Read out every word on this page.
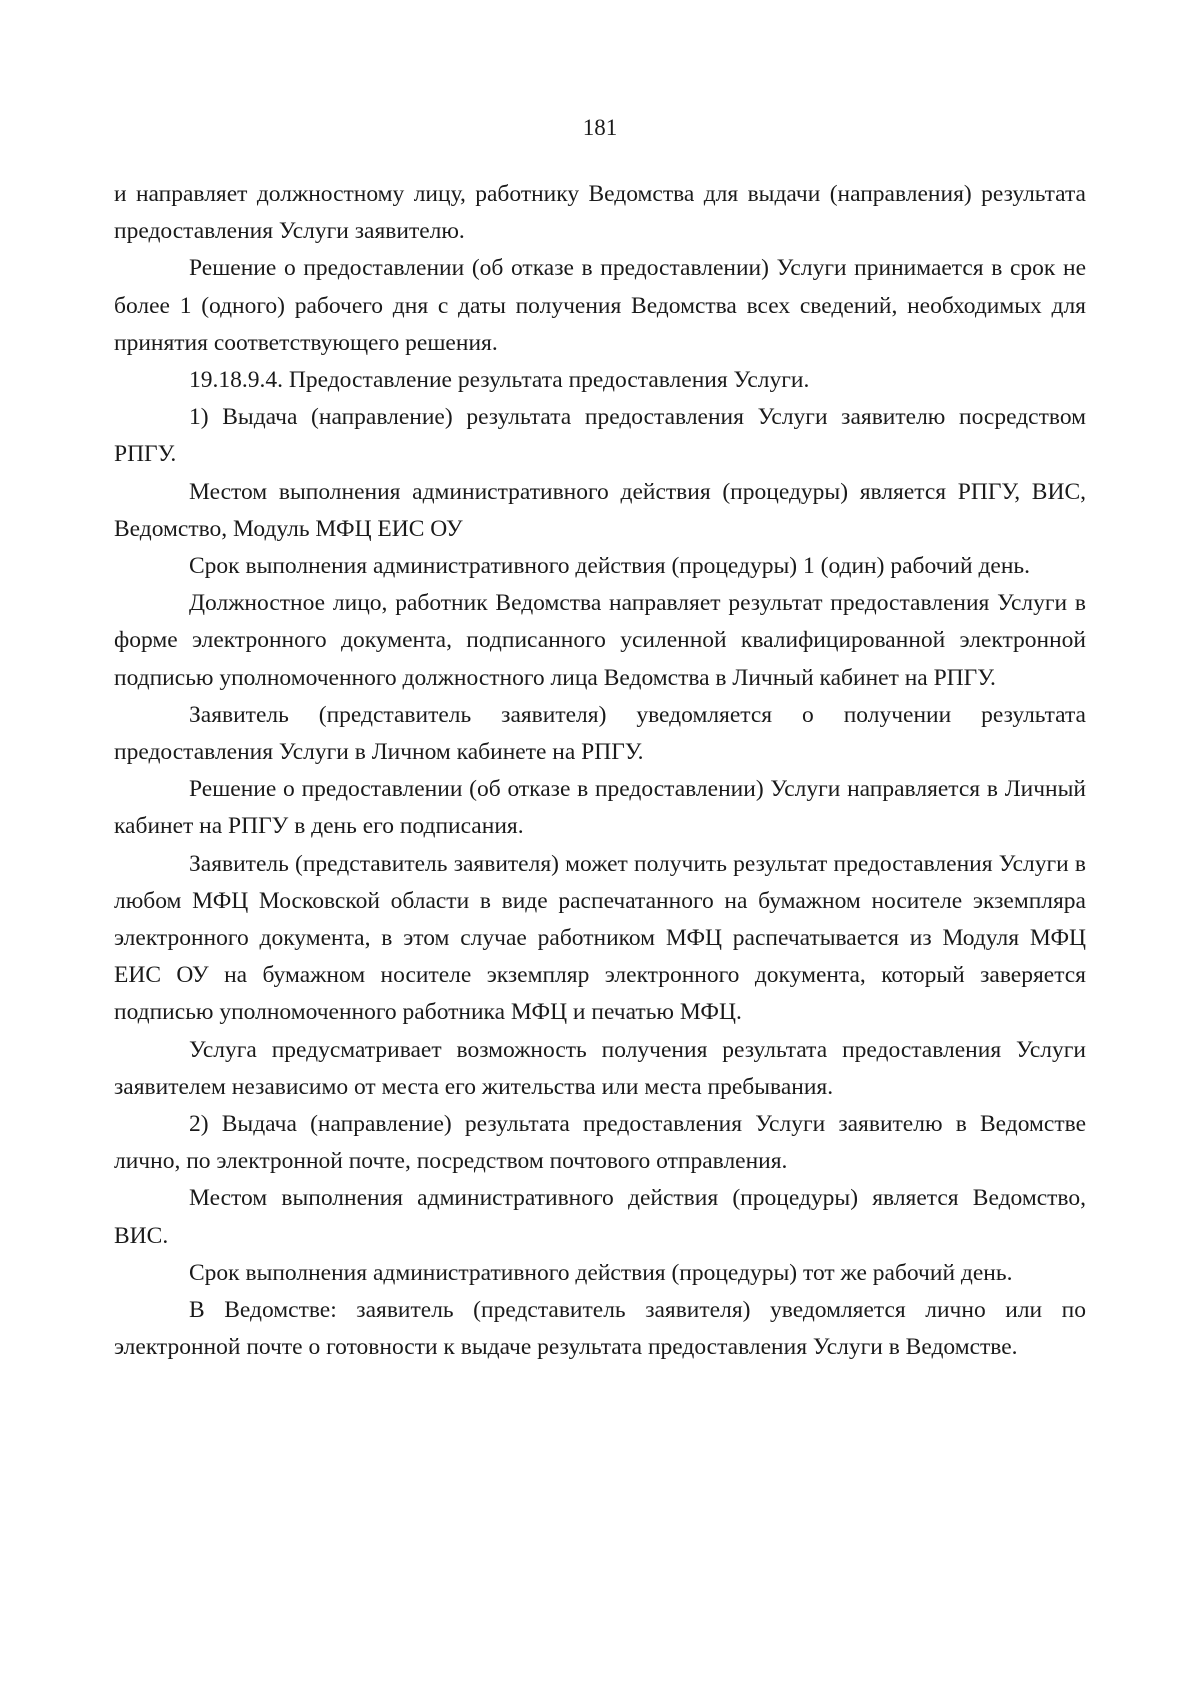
181

и направляет должностному лицу, работнику Ведомства для выдачи (направления) результата предоставления Услуги заявителю.

Решение о предоставлении (об отказе в предоставлении) Услуги принимается в срок не более 1 (одного) рабочего дня с даты получения Ведомства всех сведений, необходимых для принятия соответствующего решения.

19.18.9.4. Предоставление результата предоставления Услуги.

1) Выдача (направление) результата предоставления Услуги заявителю посредством РПГУ.

Местом выполнения административного действия (процедуры) является РПГУ, ВИС, Ведомство, Модуль МФЦ ЕИС ОУ

Срок выполнения административного действия (процедуры) 1 (один) рабочий день.

Должностное лицо, работник Ведомства направляет результат предоставления Услуги в форме электронного документа, подписанного усиленной квалифицированной электронной подписью уполномоченного должностного лица Ведомства в Личный кабинет на РПГУ.

Заявитель (представитель заявителя) уведомляется о получении результата предоставления Услуги в Личном кабинете на РПГУ.

Решение о предоставлении (об отказе в предоставлении) Услуги направляется в Личный кабинет на РПГУ в день его подписания.

Заявитель (представитель заявителя) может получить результат предоставления Услуги в любом МФЦ Московской области в виде распечатанного на бумажном носителе экземпляра электронного документа, в этом случае работником МФЦ распечатывается из Модуля МФЦ ЕИС ОУ на бумажном носителе экземпляр электронного документа, который заверяется подписью уполномоченного работника МФЦ и печатью МФЦ.

Услуга предусматривает возможность получения результата предоставления Услуги заявителем независимо от места его жительства или места пребывания.

2) Выдача (направление) результата предоставления Услуги заявителю в Ведомстве лично, по электронной почте, посредством почтового отправления.

Местом выполнения административного действия (процедуры) является Ведомство, ВИС.

Срок выполнения административного действия (процедуры) тот же рабочий день.

В Ведомстве: заявитель (представитель заявителя) уведомляется лично или по электронной почте о готовности к выдаче результата предоставления Услуги в Ведомстве.
